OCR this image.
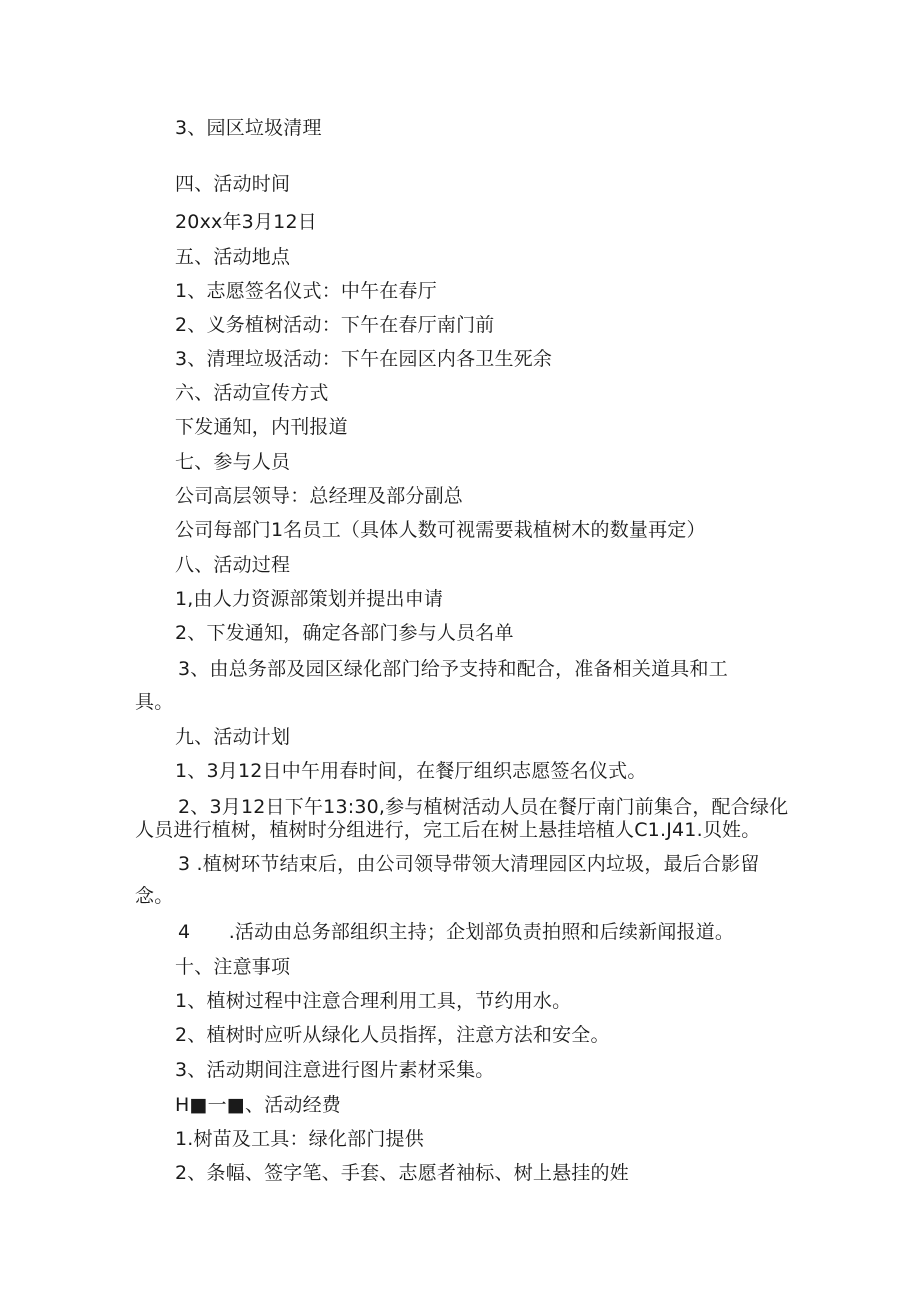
3、园区垃圾清理
四、活动时间
20xx年3月12日
五、活动地点
1、志愿签名仪式：中午在春厅
2、义务植树活动：下午在春厅南门前
3、清理垃圾活动：下午在园区内各卫生死余
六、活动宣传方式
下发通知，内刊报道
七、参与人员
公司高层领导：总经理及部分副总
公司每部门1名员工（具体人数可视需要栽植树木的数量再定）
八、活动过程
1,由人力资源部策划并提出申请
2、下发通知，确定各部门参与人员名单
3、由总务部及园区绿化部门给予支持和配合，准备相关道具和工
具。
九、活动计划
1、3月12日中午用春时间，在餐厅组织志愿签名仪式。
2、3月12日下午13:30,参与植树活动人员在餐厅南门前集合，配合绿化
人员进行植树，植树时分组进行，完工后在树上悬挂培植人C1.J41.贝姓。
3 .植树环节结束后，由公司领导带领大清理园区内垃圾，最后合影留
念。
4　　.活动由总务部组织主持；企划部负责拍照和后续新闻报道。
十、注意事项
1、植树过程中注意合理利用工具，节约用水。
2、植树时应听从绿化人员指挥，注意方法和安全。
3、活动期间注意进行图片素材采集。
H■一■、活动经费
1.树苗及工具：绿化部门提供
2、条幅、签字笔、手套、志愿者袖标、树上悬挂的姓
